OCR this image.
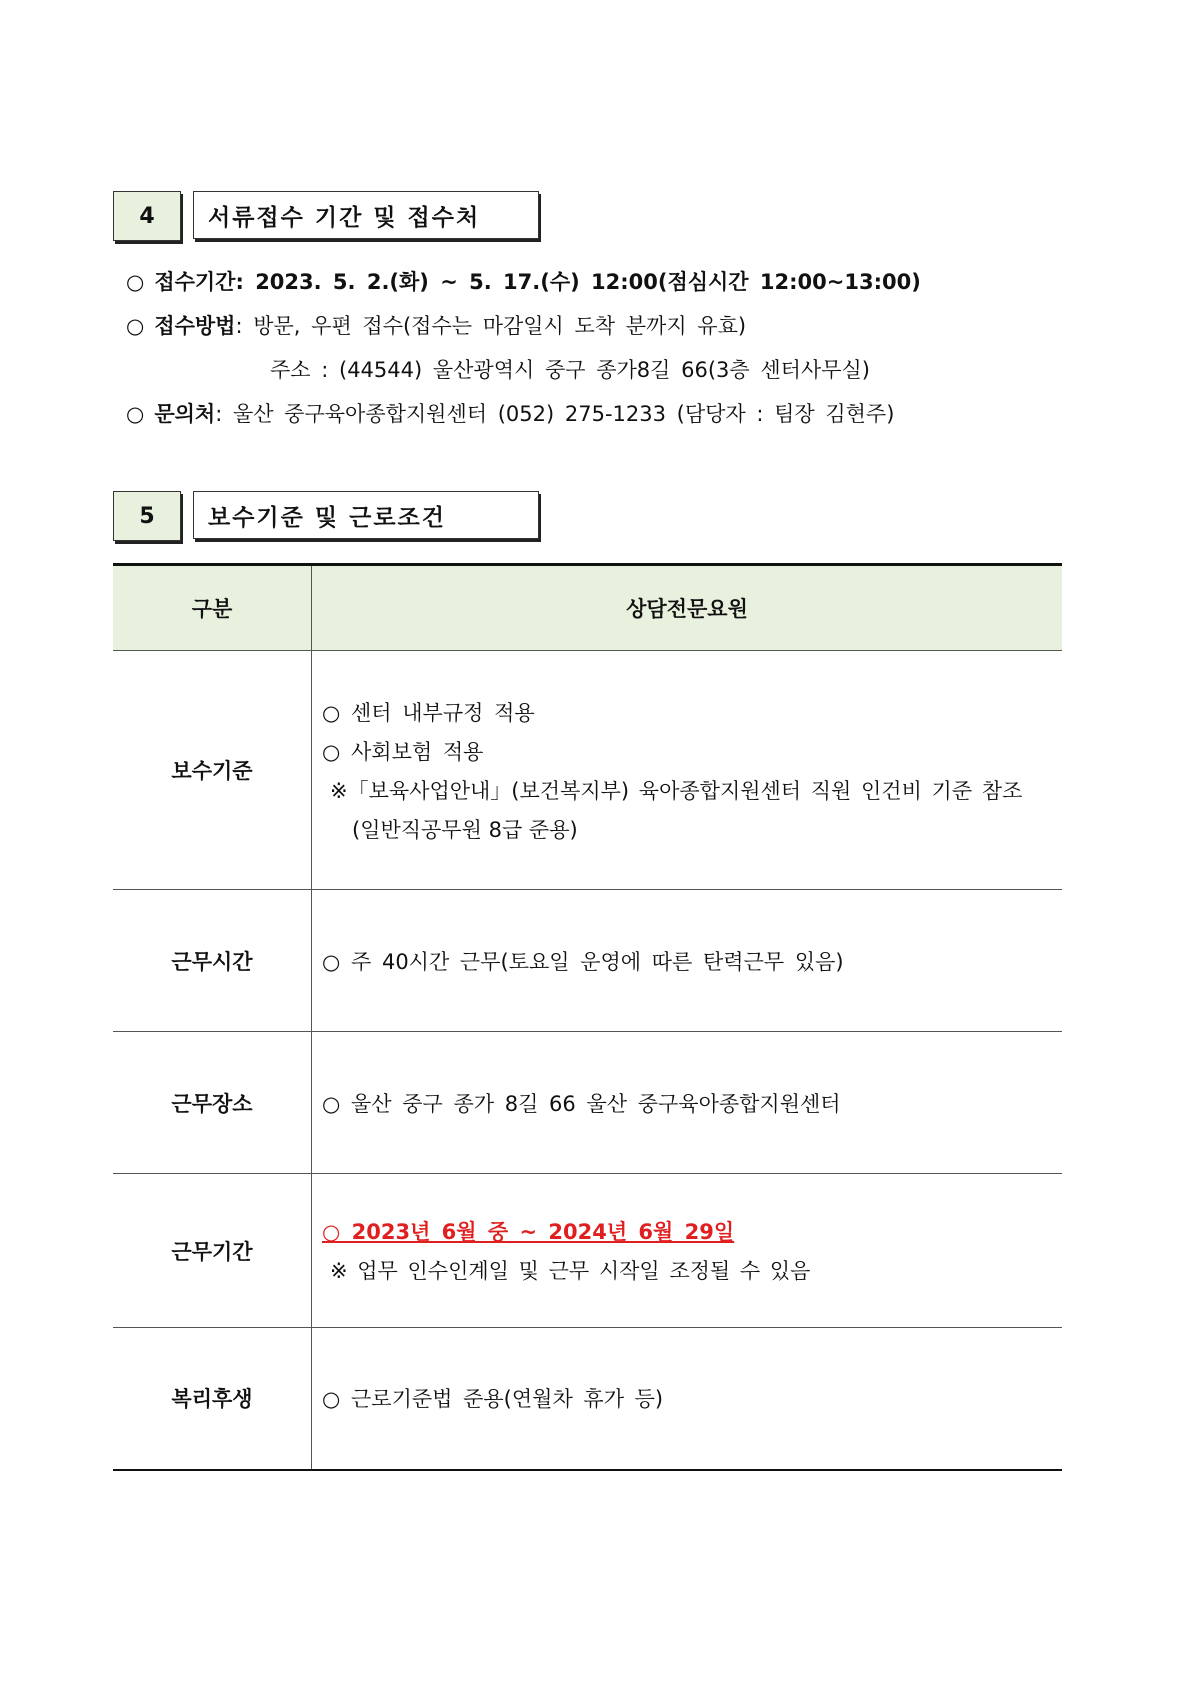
4	서류접수 기간 및 접수처
○ 접수기간: 2023. 5. 2.(화) ~ 5. 17.(수) 12:00(점심시간 12:00~13:00)
○ 접수방법: 방문, 우편 접수(접수는 마감일시 도착 분까지 유효)
주소 : (44544) 울산광역시 중구 종가8길 66(3층 센터사무실)
○ 문의처: 울산 중구육아종합지원센터 (052) 275-1233 (담당자 : 팀장 김현주)
5	보수기준 및 근로조건
구분	상담전문요원
보수기준	○ 센터 내부규정 적용
○ 사회보험 적용
※「보육사업안내」(보건복지부) 육아종합지원센터 직원 인건비 기준 참조
(일반직공무원 8급 준용)

근무시간	○ 주 40시간 근무(토요일 운영에 따른 탄력근무 있음)

근무장소	○ 울산 중구 종가 8길 66 울산 중구육아종합지원센터

근무기간	○ 2023년 6월 중 ~ 2024년 6월 29일
※ 업무 인수인계일 및 근무 시작일 조정될 수 있음

복리후생	○ 근로기준법 준용(연월차 휴가 등)
